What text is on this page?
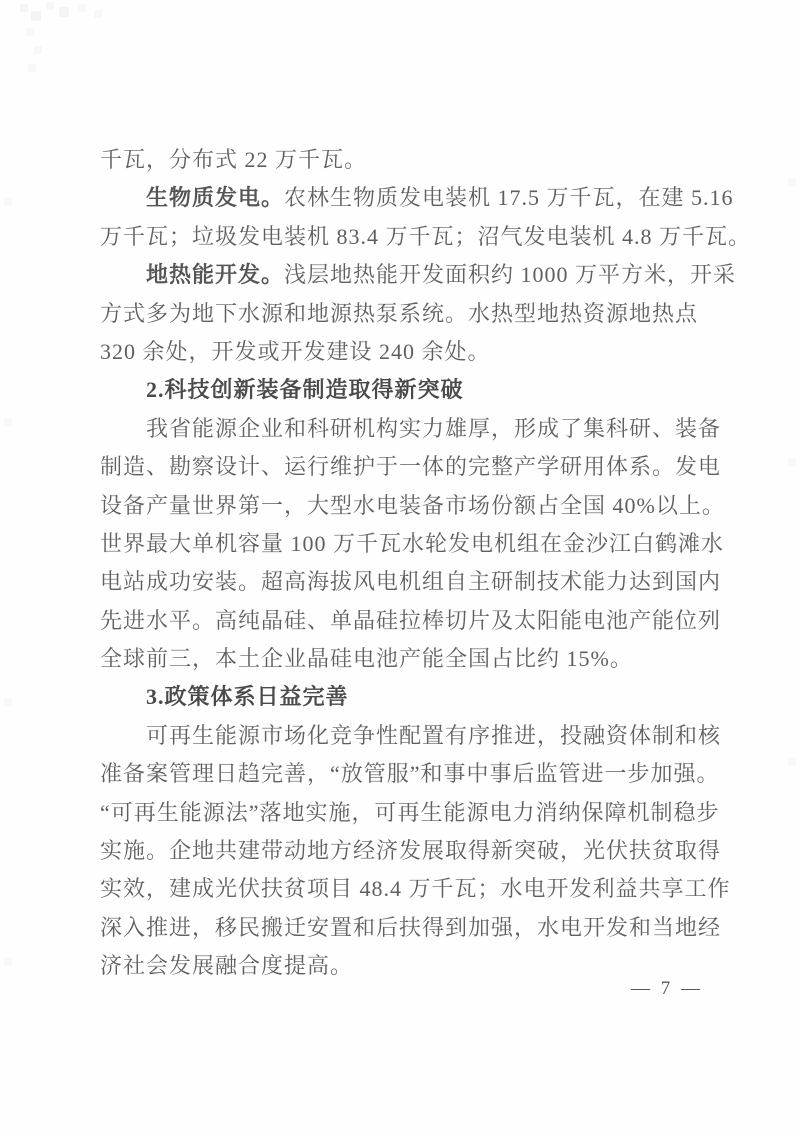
千瓦，分布式 22 万千瓦。
生物质发电。农林生物质发电装机 17.5 万千瓦，在建 5.16
万千瓦；垃圾发电装机 83.4 万千瓦；沼气发电装机 4.8 万千瓦。
地热能开发。浅层地热能开发面积约 1000 万平方米，开采
方式多为地下水源和地源热泵系统。水热型地热资源地热点
320 余处，开发或开发建设 240 余处。
2.科技创新装备制造取得新突破
我省能源企业和科研机构实力雄厚，形成了集科研、装备
制造、勘察设计、运行维护于一体的完整产学研用体系。发电
设备产量世界第一，大型水电装备市场份额占全国 40%以上。
世界最大单机容量 100 万千瓦水轮发电机组在金沙江白鹤滩水
电站成功安装。超高海拔风电机组自主研制技术能力达到国内
先进水平。高纯晶硅、单晶硅拉棒切片及太阳能电池产能位列
全球前三，本土企业晶硅电池产能全国占比约 15%。
3.政策体系日益完善
可再生能源市场化竞争性配置有序推进，投融资体制和核
准备案管理日趋完善，“放管服”和事中事后监管进一步加强。
“可再生能源法”落地实施，可再生能源电力消纳保障机制稳步
实施。企地共建带动地方经济发展取得新突破，光伏扶贫取得
实效，建成光伏扶贫项目 48.4 万千瓦；水电开发利益共享工作
深入推进，移民搬迁安置和后扶得到加强，水电开发和当地经
济社会发展融合度提高。
— 7 —
